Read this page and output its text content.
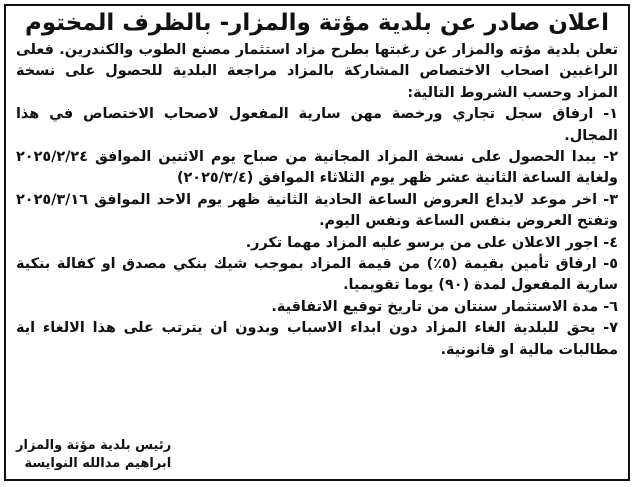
اعلان صادر عن بلدية مؤتة والمزار- بالظرف المختوم

تعلن بلدية مؤته والمزار عن رغبتها بطرح مزاد استثمار مصنع الطوب والكندرين. فعلى الراغبين اصحاب الاختصاص المشاركة بالمزاد مراجعة البلدية للحصول على نسخة المزاد وحسب الشروط التالية:

١- ارفاق سجل تجاري ورخصة مهن سارية المفعول لاصحاب الاختصاص في هذا المجال.

٢- يبدا الحصول على نسخة المزاد المجانية من صباح يوم الاثنين الموافق ٢٠٢٥/٢/٢٤ ولغاية الساعة الثانية عشر ظهر يوم الثلاثاء الموافق (٢٠٢٥/٣/٤)

٣- اخر موعد لايداع العروض الساعة الحادية الثانية ظهر يوم الاحد الموافق ٢٠٢٥/٣/١٦ وتفتح العروض بنفس الساعة ونفس اليوم.

٤- اجور الاعلان على من يرسو عليه المزاد مهما تكرر.

٥- ارفاق تأمين بقيمة (٥٪) من قيمة المزاد بموجب شيك بنكي مصدق او كفالة بنكية سارية المفعول لمدة (٩٠) يوما تقويميا.

٦- مدة الاستثمار سنتان من تاريخ توقيع الاتفاقية.

٧- يحق للبلدية الغاء المزاد دون ابداء الاسباب وبدون ان يترتب على هذا الالغاء اية مطالبات مالية او قانونية.

رئيس بلدية مؤتة والمزار
ابراهيم مدالله النوايسة
